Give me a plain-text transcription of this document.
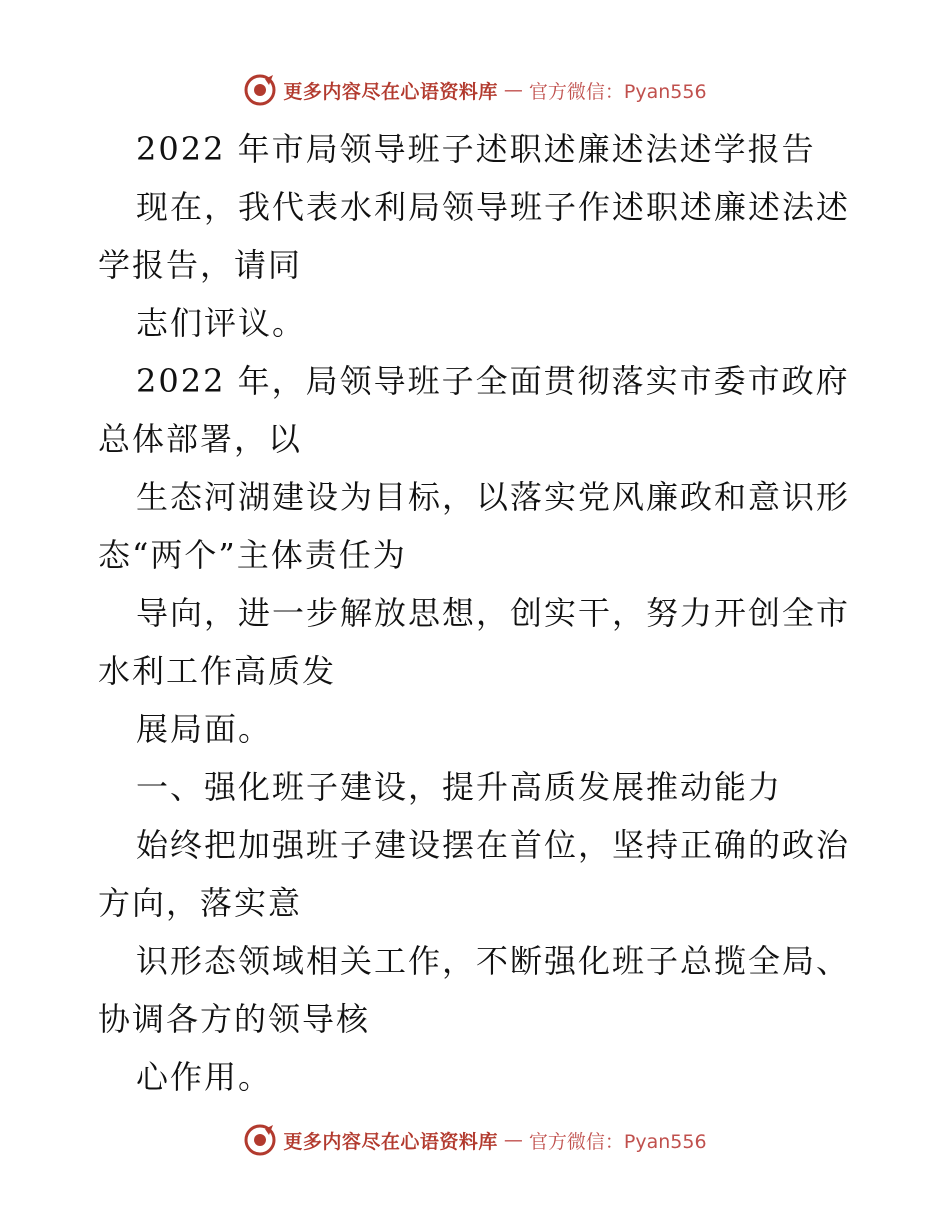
更多内容尽在心语资料库 — 官方微信：Pyan556
2022 年市局领导班子述职述廉述法述学报告
现在，我代表水利局领导班子作述职述廉述法述
学报告，请同
志们评议。
2022 年，局领导班子全面贯彻落实市委市政府
总体部署，以
生态河湖建设为目标，以落实党风廉政和意识形
态“两个”主体责任为
导向，进一步解放思想，创实干，努力开创全市
水利工作高质发
展局面。
一、强化班子建设，提升高质发展推动能力
始终把加强班子建设摆在首位，坚持正确的政治
方向，落实意
识形态领域相关工作，不断强化班子总揽全局、
协调各方的领导核
心作用。
更多内容尽在心语资料库 — 官方微信：Pyan556
